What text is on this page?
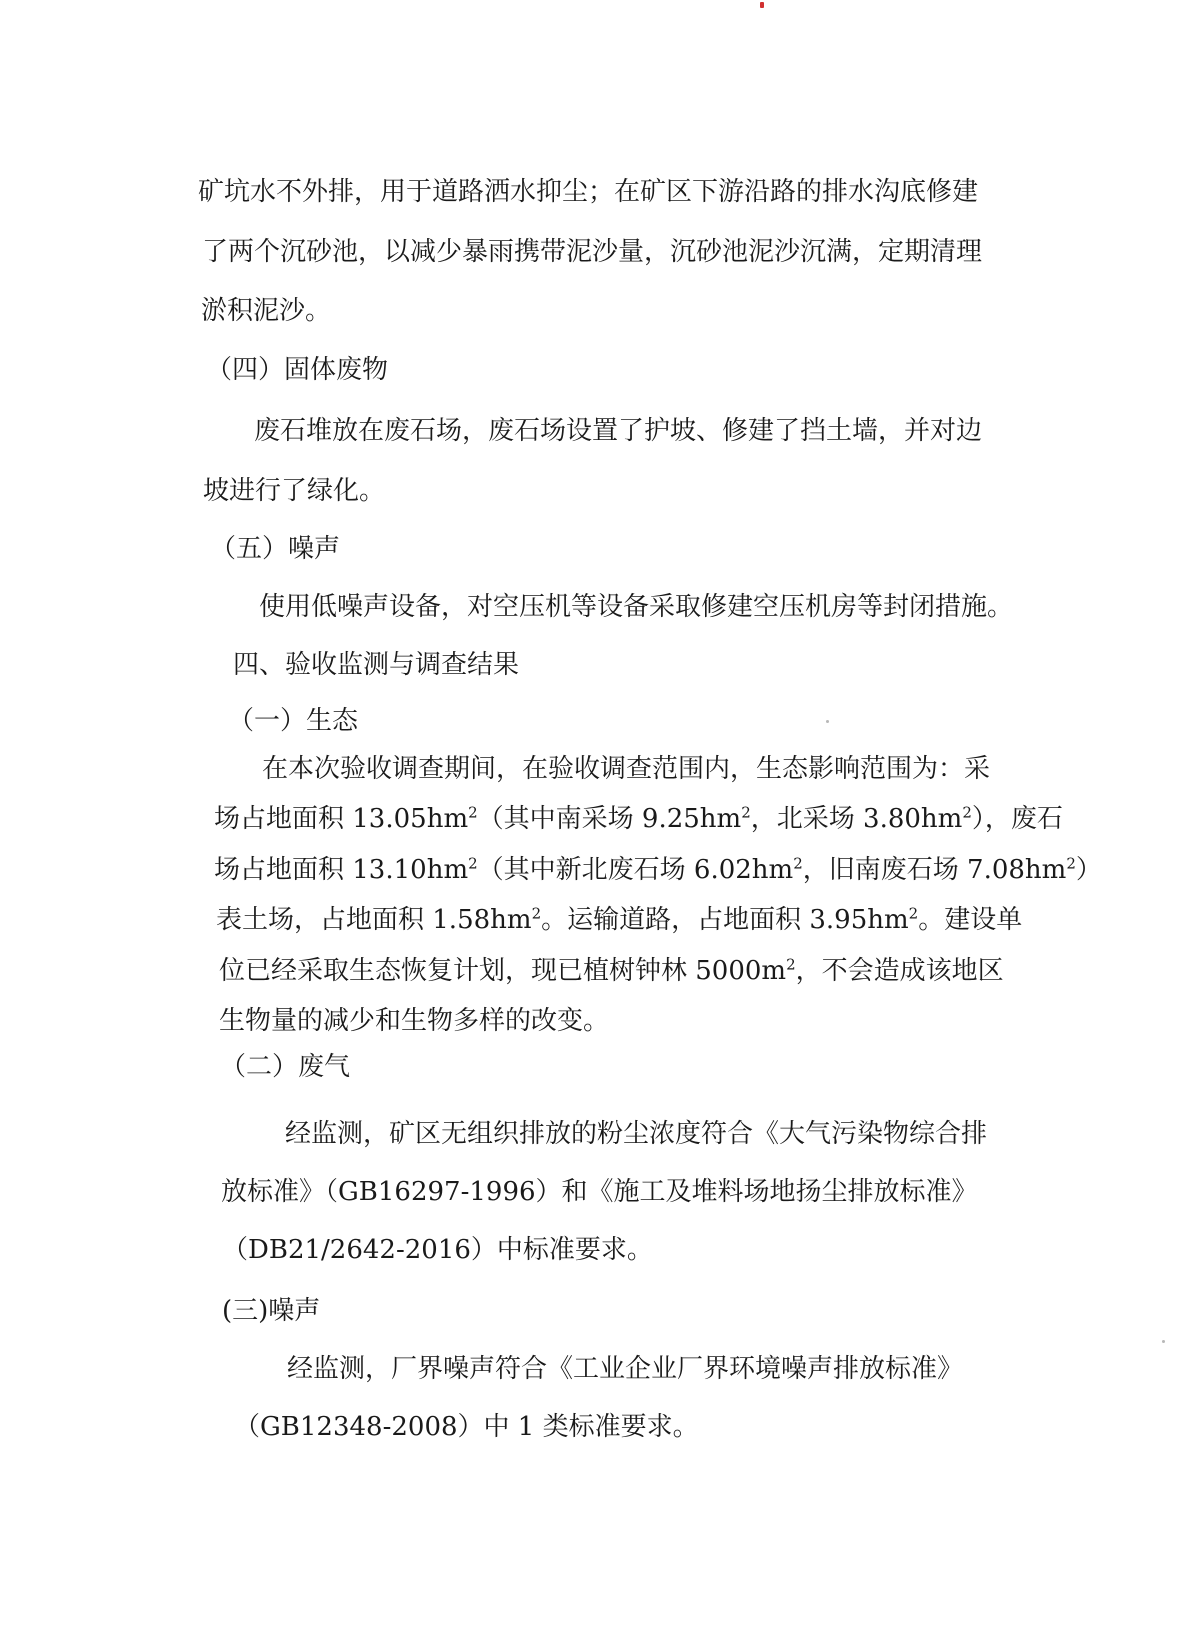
矿坑水不外排，用于道路洒水抑尘；在矿区下游沿路的排水沟底修建
了两个沉砂池，以减少暴雨携带泥沙量，沉砂池泥沙沉满，定期清理
淤积泥沙。
（四）固体废物
废石堆放在废石场，废石场设置了护坡、修建了挡土墙，并对边
坡进行了绿化。
（五）噪声
使用低噪声设备，对空压机等设备采取修建空压机房等封闭措施。
四、验收监测与调查结果
（一）生态
在本次验收调查期间，在验收调查范围内，生态影响范围为：采
场占地面积 $13.05hm^2$（其中南采场 $9.25hm^2$，北采场 $3.80hm^2$），废石
场占地面积 $13.10hm^2$（其中新北废石场 $6.02hm^2$，旧南废石场 $7.08hm^2$）
表土场，占地面积 $1.58hm^2$。运输道路，占地面积 $3.95hm^2$。建设单
位已经采取生态恢复计划，现已植树钟林 $5000m^2$，不会造成该地区
生物量的减少和生物多样的改变。
（二）废气
经监测，矿区无组织排放的粉尘浓度符合《大气污染物综合排
放标准》（GB16297-1996）和《施工及堆料场地扬尘排放标准》
（DB21/2642-2016）中标准要求。
(三)噪声
经监测，厂界噪声符合《工业企业厂界环境噪声排放标准》
（GB12348-2008）中 1 类标准要求。
